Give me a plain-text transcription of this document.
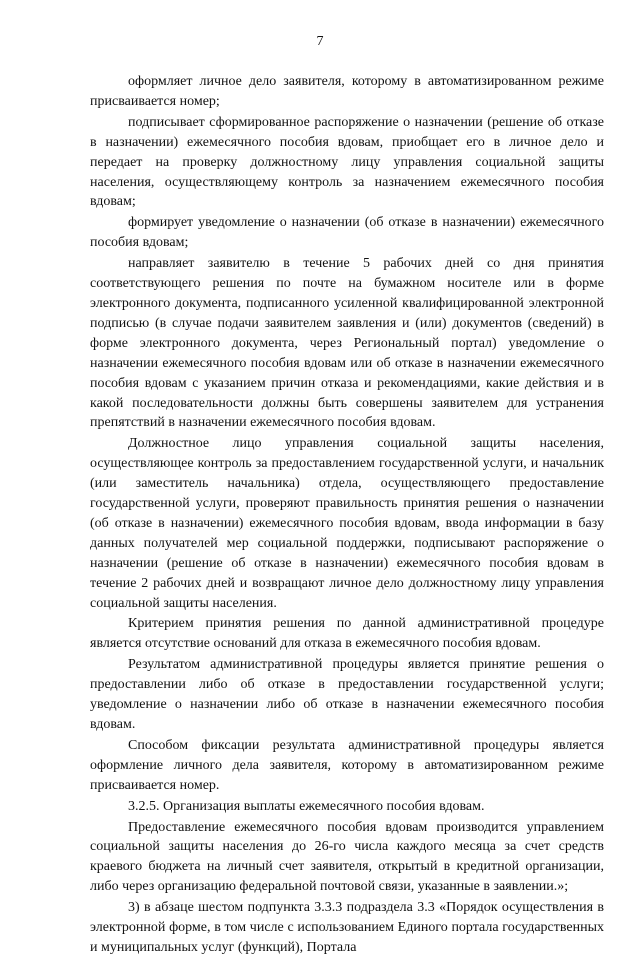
7

оформляет личное дело заявителя, которому в автоматизированном режиме присваивается номер;

подписывает сформированное распоряжение о назначении (решение об отказе в назначении) ежемесячного пособия вдовам, приобщает его в личное дело и передает на проверку должностному лицу управления социальной защиты населения, осуществляющему контроль за назначением ежемесячного пособия вдовам;

формирует уведомление о назначении (об отказе в назначении) ежемесячного пособия вдовам;

направляет заявителю в течение 5 рабочих дней со дня принятия соответствующего решения по почте на бумажном носителе или в форме электронного документа, подписанного усиленной квалифицированной электронной подписью (в случае подачи заявителем заявления и (или) документов (сведений) в форме электронного документа, через Региональный портал) уведомление о назначении ежемесячного пособия вдовам или об отказе в назначении ежемесячного пособия вдовам с указанием причин отказа и рекомендациями, какие действия и в какой последовательности должны быть совершены заявителем для устранения препятствий в назначении ежемесячного пособия вдовам.

Должностное лицо управления социальной защиты населения, осуществляющее контроль за предоставлением государственной услуги, и начальник (или заместитель начальника) отдела, осуществляющего предоставление государственной услуги, проверяют правильность принятия решения о назначении (об отказе в назначении) ежемесячного пособия вдовам, ввода информации в базу данных получателей мер социальной поддержки, подписывают распоряжение о назначении (решение об отказе в назначении) ежемесячного пособия вдовам в течение 2 рабочих дней и возвращают личное дело должностному лицу управления социальной защиты населения.

Критерием принятия решения по данной административной процедуре является отсутствие оснований для отказа в ежемесячного пособия вдовам.

Результатом административной процедуры является принятие решения о предоставлении либо об отказе в предоставлении государственной услуги; уведомление о назначении либо об отказе в назначении ежемесячного пособия вдовам.

Способом фиксации результата административной процедуры является оформление личного дела заявителя, которому в автоматизированном режиме присваивается номер.

3.2.5. Организация выплаты ежемесячного пособия вдовам.

Предоставление ежемесячного пособия вдовам производится управлением социальной защиты населения до 26-го числа каждого месяца за счет средств краевого бюджета на личный счет заявителя, открытый в кредитной организации, либо через организацию федеральной почтовой связи, указанные в заявлении.»;

3) в абзаце шестом подпункта 3.3.3 подраздела 3.3 «Порядок осуществления в электронной форме, в том числе с использованием Единого портала государственных и муниципальных услуг (функций), Портала
